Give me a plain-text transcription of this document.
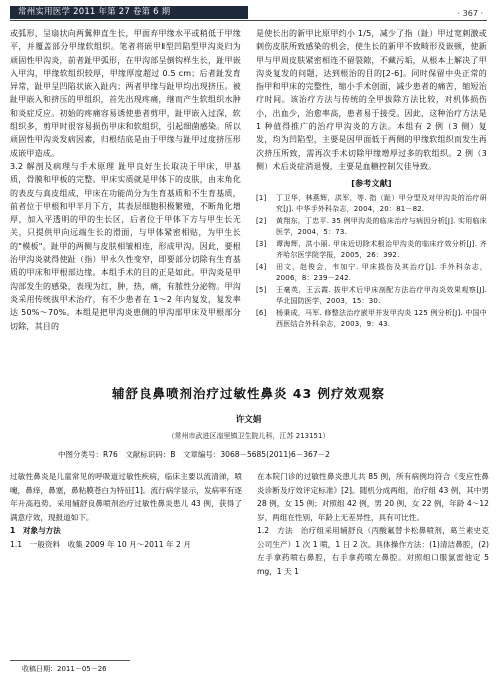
常州实用医学 2011 年第 27 卷第 6 期	· 367 ·

或弧形，呈扇状向两翼伸直生长，甲面弃甲缘水平或稍低于甲缘平，并覆盖部分甲缘软组织。笔者将嵌甲Ⅱ型凹陷型甲沟炎归为顽固性甲沟炎，前者趾甲弧形，在甲沟部呈倒钩样生长，趾甲嵌入甲沟，甲缘软组织较厚，甲缘厚度超过 0.5 cm；后者趾发育异常，趾甲呈凹陷状嵌入趾内；两者甲缘与趾甲均出现挤压。被趾甲嵌入和挤压的甲组织，首先出现疼痛，继而产生软组织水肿和炎症反应。初始的疼痛容易诱使患者剪甲，趾甲嵌入过深，软组织多，剪甲时很容易损伤甲床和软组织，引起细菌感染。所以顽固性甲沟炎发病因素，归根结底是由于甲缘与趾甲过度挤压形成嵌甲造成。

3.2 解剖及病理与手术原理 趾甲良好生长取决于甲床，甲基质，骨膜和甲板的完整。甲床实质就是甲体下的皮肤，由末角化的表皮与真皮组成，甲床在功能尚分为生育基质和不生育基质，前者位于甲根和甲半月下方，其表层细胞积极繁殖，不断角化增厚，加入平透明的甲的生长区，后者位于甲体下方与甲生长无关，只提供甲向远端生长的滑面，与甲体紧密相贴，为甲生长的"模板"。趾甲的两侧与皮肤相皱相连，形成甲沟。因此，要根治甲沟炎就得使趾（指）甲永久性变窄，即要部分切除有生育基质的甲床和甲根部边缘。本组手术的目的正是如此。甲沟炎是甲沟部发生的感染，表现为红，肿，热，痛，有脓性分泌物。甲沟炎采用传统拔甲术治疗，有不少患者在 1～2 年内复发，复发率达 50%～70%。本组是把甲沟炎患侧的甲沟部甲床及甲根部分切除，其目的

是使长出的新甲比原甲约小 1/5，减少了指（趾）甲过宽刺激或刺伤皮肤所致感染的机会，使生长的新甲不致畸形及嵌顿，使新甲与甲周皮肤紧密相连不留裂隙，不藏污垢，从根本上解决了甲沟炎复发的问题，达到根治的目的[2-6]。同时保留中央正常的指甲和甲床的完整性，缩小手术创面，减少患者的痛苦，缩短治疗时间。该治疗方法与传统的全甲拔除方法比较，对机体损伤小，出血少，治愈率高，患者易于接受。因此，这种治疗方法是 1 种值得推广的治疗甲沟炎的方法。本组有 2 例（3 侧）复发，均为凹陷型，主要是因甲面低于两侧的甲缘软组织而发生再次挤压所致，需再次手术切除甲缘增厚过多的软组织。2 例（3 侧）术后炎症消退慢，主要是血糖控制欠佳导致。

[参考文献]
[1]	丁卫华，林燕辉，洪军，等. 指（趾）甲分型及对甲沟炎的治疗研究[J]. 中华手外科杂志，2004，20：81－82.
[2]	黄翔东，丁忠平. 35 例甲沟炎的临床治疗与病因分析[J]. 实用临床医学，2004，5：73.
[3]	谭海辉，洪小丽. 甲床近切除术根治甲沟炎的临床疗效分析[J]. 齐齐哈尔医学院学报，2005，26：392.
[4]	田文，赵俊会，韦加宁. 甲床损伤及其治疗[J]. 手外科杂志，2006，8：239－242.
[5]	王毫英，王云霞. 拔甲术后甲床剖配方法治疗甲沟炎效果观察[J]. 华北国防医学，2003，15：30.
[6]	杨秉成，马军. 修整法治疗嵌甲并发甲沟炎 125 例分析[J]. 中国中西医结合外科杂志，2003，9：43.
辅舒良鼻喷剂治疗过敏性鼻炎 43 例疗效观察
许文娟
（常州市武进区湟里镇卫生院儿科，江苏 213151）
中图分类号：R76　文献标识码：B　文章编号：3068－5685(2011)6－367－2

过敏性鼻炎是儿童常见的呼吸道过敏性疾病，临床主要以流清涕，喷嚏，鼻痒，鼻塞，鼻粘膜苍白为特征[1]。流行病学显示，发病率有逐年升高趋势。采用辅舒良鼻喷剂治疗过敏性鼻炎患儿 43 例，获得了满意疗效，现报道如下。

1　对象与方法

1.1　一般资料　收集 2009 年 10 月～2011 年 2 月

在本院门诊的过敏性鼻炎患儿共 85 例，所有病例均符合《变应性鼻炎诊断及疗效评定标准》[2]。随机分成两组，治疗组 43 例，其中男 28 例，女 15 例；对照组 42 例，男 20 例，女 22 例，年龄 4～12 岁，两组在性别，年龄上无差异性，具有可比性。

1.2　方法　治疗组采用辅舒良（丙酸氟替卡松鼻喷剂，葛兰素史克公司生产）1 次 1 喷，1 日 2 次。具体操作方法：(1)清洁鼻腔，(2)左手拿药喷右鼻腔，右手拿药喷左鼻腔。对照组口服氯雷他定 5 mg，1 天 1

收稿日期：2011－05－26
